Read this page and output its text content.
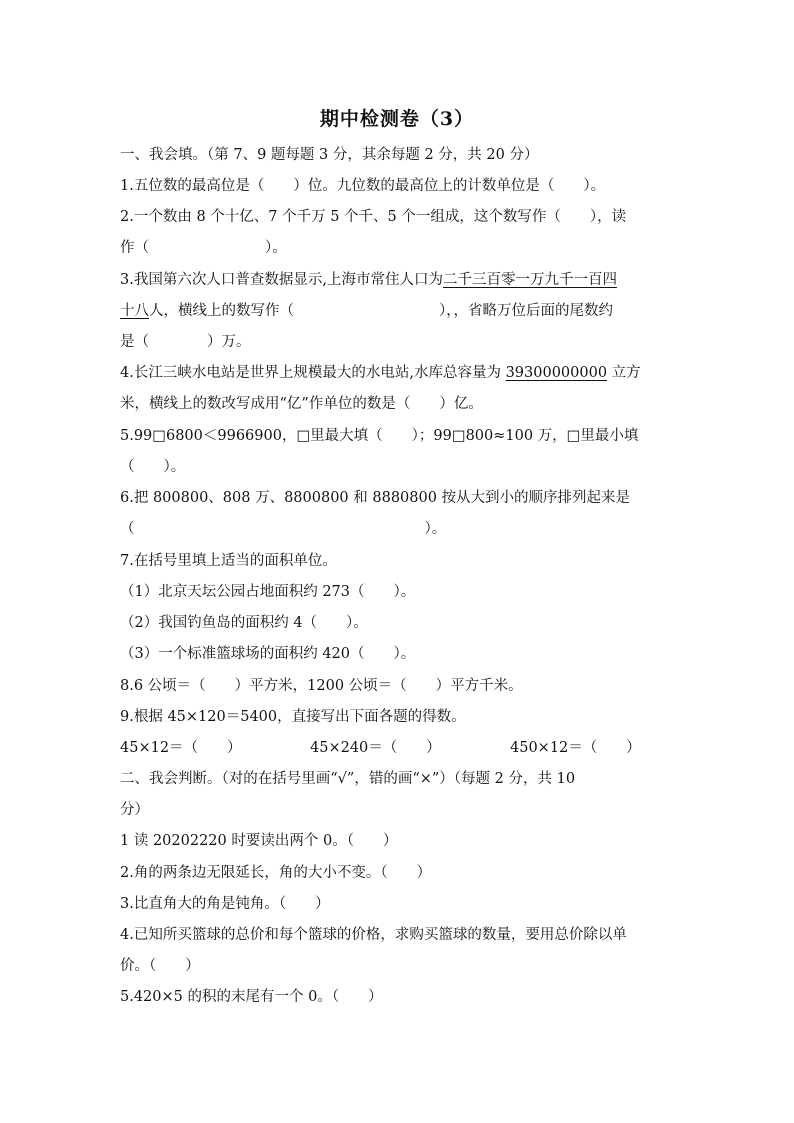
期中检测卷（3）
一、我会填。（第 7、9 题每题 3 分，其余每题 2 分，共 20 分）
1.五位数的最高位是（　　）位。九位数的最高位上的计数单位是（　　）。
2.一个数由 8 个十亿、7 个千万 5 个千、5 个一组成，这个数写作（　　），读
作（　　　　　　　　）。
3.我国第六次人口普查数据显示,上海市常住人口为二千三百零一万九千一百四
十八人，横线上的数写作（　　　　　　　　　　），，省略万位后面的尾数约
是（　　　　）万。
4.长江三峡水电站是世界上规模最大的水电站,水库总容量为 39300000000 立方
米，横线上的数改写成用“亿”作单位的数是（　　）亿。
5.99□6800＜9966900，□里最大填（　　）；99□800≈100 万，□里最小填
（　　）。
6.把 800800、808 万、8800800 和 8880800 按从大到小的顺序排列起来是
（　　　　　　　　　　　　　　　　　　　　）。
7.在括号里填上适当的面积单位。
（1）北京天坛公园占地面积约 273（　　）。
（2）我国钓鱼岛的面积约 4（　　）。
（3）一个标准篮球场的面积约 420（　　）。
8.6 公顷＝（　　）平方米，1200 公顷＝（　　）平方千米。
9.根据 45×120＝5400，直接写出下面各题的得数。
45×12＝（　　）	45×240＝（　　）	450×12＝（　　）
二、我会判断。（对的在括号里画“√”，错的画“×”）（每题 2 分，共 10
分）
1 读 20202220 时要读出两个 0。（　　）
2.角的两条边无限延长，角的大小不变。（　　）
3.比直角大的角是钝角。（　　）
4.已知所买篮球的总价和每个篮球的价格，求购买篮球的数量，要用总价除以单
价。（　　）
5.420×5 的积的末尾有一个 0。（　　）
